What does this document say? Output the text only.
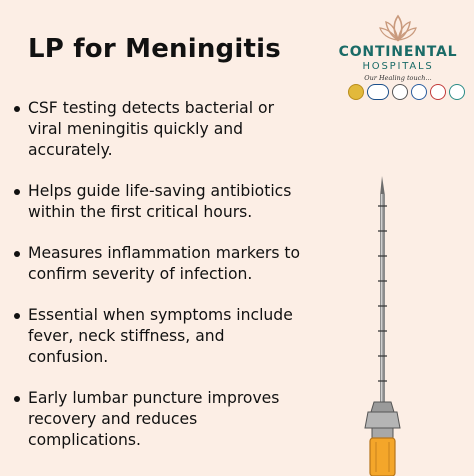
LP for Meningitis
CSF testing detects bacterial or viral meningitis quickly and accurately.
Helps guide life-saving antibiotics within the first critical hours.
Measures inflammation markers to confirm severity of infection.
Essential when symptoms include fever, neck stiffness, and confusion.
Early lumbar puncture improves recovery and reduces complications.
CONTINENTAL
HOSPITALS
Our Healing touch...
